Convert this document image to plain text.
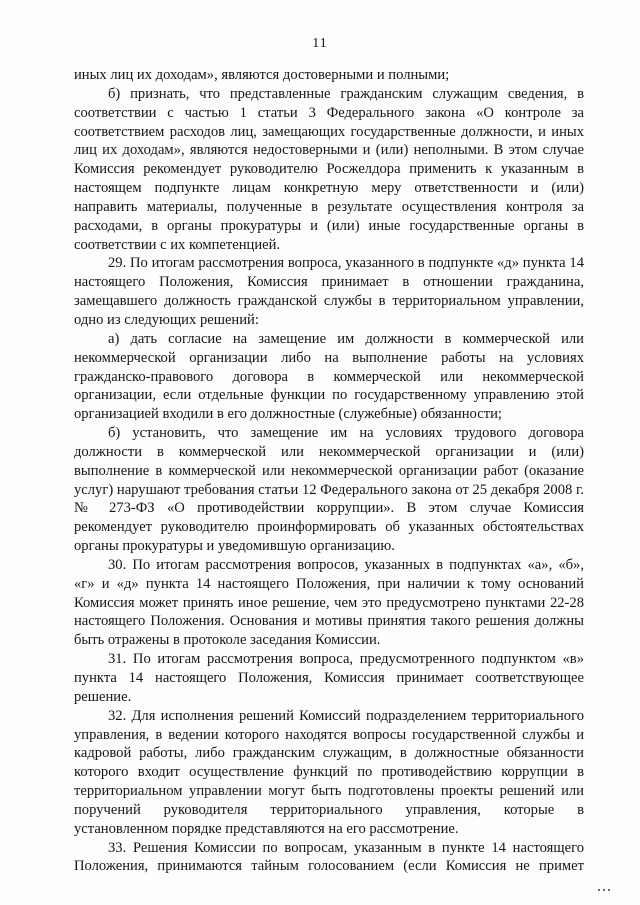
11

иных лиц их доходам», являются достоверными и полными;

б) признать, что представленные гражданским служащим сведения, в соответствии с частью 1 статьи 3 Федерального закона «О контроле за соответствием расходов лиц, замещающих государственные должности, и иных лиц их доходам», являются недостоверными и (или) неполными. В этом случае Комиссия рекомендует руководителю Росжелдора применить к указанным в настоящем подпункте лицам конкретную меру ответственности и (или) направить материалы, полученные в результате осуществления контроля за расходами, в органы прокуратуры и (или) иные государственные органы в соответствии с их компетенцией.

29. По итогам рассмотрения вопроса, указанного в подпункте «д» пункта 14 настоящего Положения, Комиссия принимает в отношении гражданина, замещавшего должность гражданской службы в территориальном управлении, одно из следующих решений:

а) дать согласие на замещение им должности в коммерческой или некоммерческой организации либо на выполнение работы на условиях гражданско-правового договора в коммерческой или некоммерческой организации, если отдельные функции по государственному управлению этой организацией входили в его должностные (служебные) обязанности;

б) установить, что замещение им на условиях трудового договора должности в коммерческой или некоммерческой организации и (или) выполнение в коммерческой или некоммерческой организации работ (оказание услуг) нарушают требования статьи 12 Федерального закона от 25 декабря 2008 г. № 273-ФЗ «О противодействии коррупции». В этом случае Комиссия рекомендует руководителю проинформировать об указанных обстоятельствах органы прокуратуры и уведомившую организацию.

30. По итогам рассмотрения вопросов, указанных в подпунктах «а», «б», «г» и «д» пункта 14 настоящего Положения, при наличии к тому оснований Комиссия может принять иное решение, чем это предусмотрено пунктами 22-28 настоящего Положения. Основания и мотивы принятия такого решения должны быть отражены в протоколе заседания Комиссии.

31. По итогам рассмотрения вопроса, предусмотренного подпунктом «в» пункта 14 настоящего Положения, Комиссия принимает соответствующее решение.

32. Для исполнения решений Комиссий подразделением территориального управления, в ведении которого находятся вопросы государственной службы и кадровой работы, либо гражданским служащим, в должностные обязанности которого входит осуществление функций по противодействию коррупции в территориальном управлении могут быть подготовлены проекты решений или поручений руководителя территориального управления, которые в установленном порядке представляются на его рассмотрение.

33. Решения Комиссии по вопросам, указанным в пункте 14 настоящего Положения, принимаются тайным голосованием (если Комиссия не примет
